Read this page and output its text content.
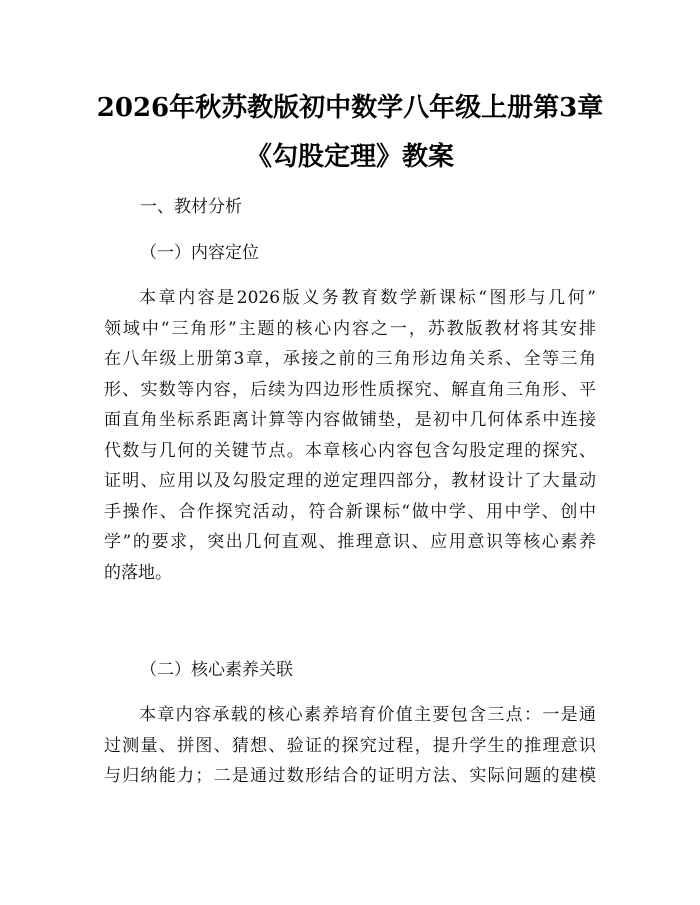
2026年秋苏教版初中数学八年级上册第3章
《勾股定理》教案
一、教材分析
（一）内容定位
本章内容是2026版义务教育数学新课标“图形与几何”
领域中“三角形”主题的核心内容之一，苏教版教材将其安排
在八年级上册第3章，承接之前的三角形边角关系、全等三角
形、实数等内容，后续为四边形性质探究、解直角三角形、平
面直角坐标系距离计算等内容做铺垫，是初中几何体系中连接
代数与几何的关键节点。本章核心内容包含勾股定理的探究、
证明、应用以及勾股定理的逆定理四部分，教材设计了大量动
手操作、合作探究活动，符合新课标“做中学、用中学、创中
学”的要求，突出几何直观、推理意识、应用意识等核心素养
的落地。
（二）核心素养关联
本章内容承载的核心素养培育价值主要包含三点：一是通
过测量、拼图、猜想、验证的探究过程，提升学生的推理意识
与归纳能力；二是通过数形结合的证明方法、实际问题的建模
